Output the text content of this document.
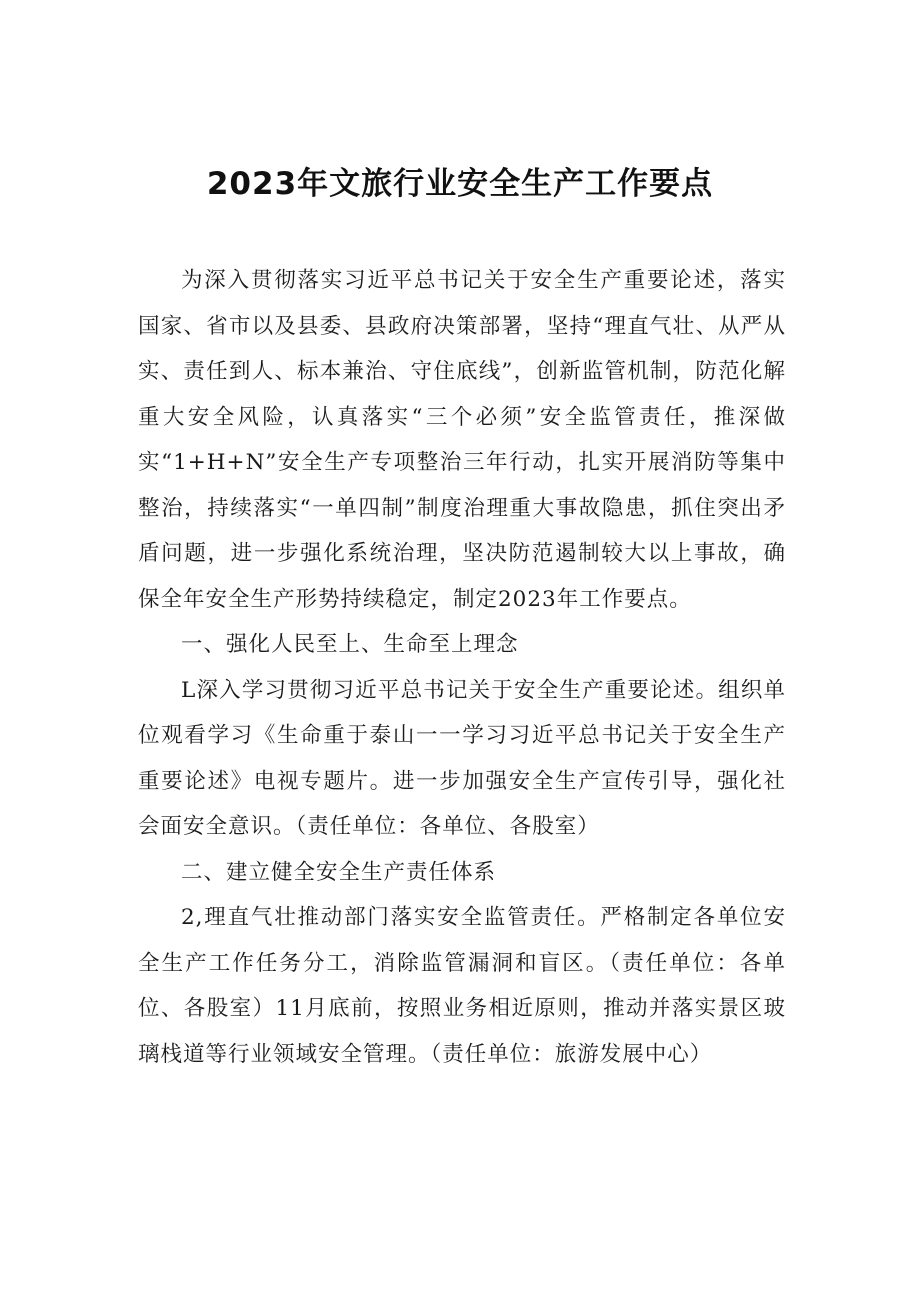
2023年文旅行业安全生产工作要点

为深入贯彻落实习近平总书记关于安全生产重要论述，落实国家、省市以及县委、县政府决策部署，坚持“理直气壮、从严从实、责任到人、标本兼治、守住底线”，创新监管机制，防范化解重大安全风险，认真落实“三个必须”安全监管责任，推深做实“1+H+N”安全生产专项整治三年行动，扎实开展消防等集中整治，持续落实“一单四制”制度治理重大事故隐患，抓住突出矛盾问题，进一步强化系统治理，坚决防范遏制较大以上事故，确保全年安全生产形势持续稳定，制定2023年工作要点。

一、强化人民至上、生命至上理念

L深入学习贯彻习近平总书记关于安全生产重要论述。组织单位观看学习《生命重于泰山一一学习习近平总书记关于安全生产重要论述》电视专题片。进一步加强安全生产宣传引导，强化社会面安全意识。（责任单位：各单位、各股室）

二、建立健全安全生产责任体系

2,理直气壮推动部门落实安全监管责任。严格制定各单位安全生产工作任务分工，消除监管漏洞和盲区。（责任单位：各单位、各股室）11月底前，按照业务相近原则，推动并落实景区玻璃栈道等行业领域安全管理。（责任单位：旅游发展中心）
